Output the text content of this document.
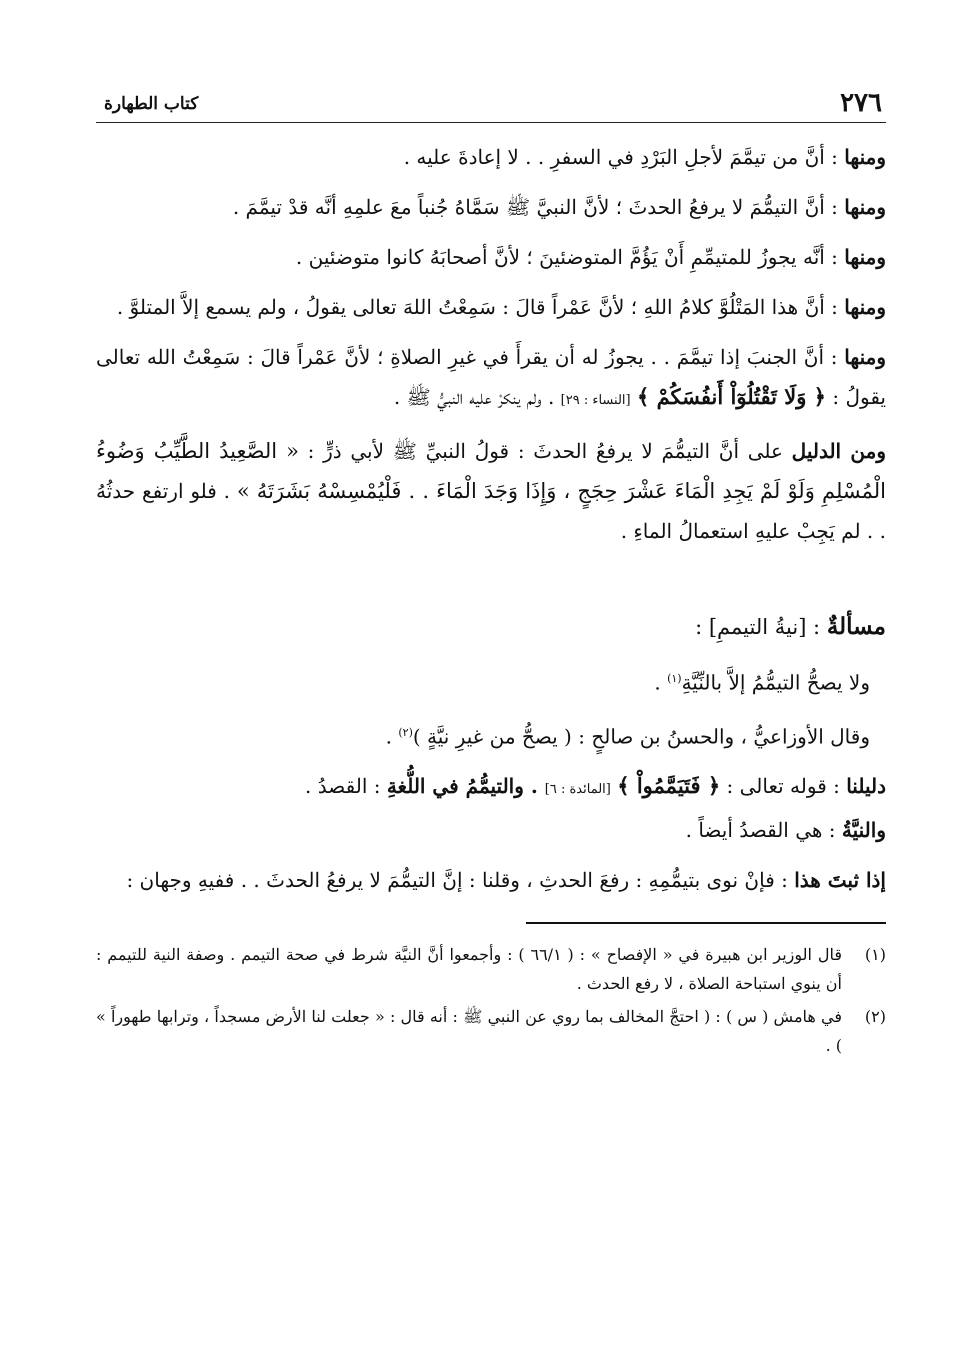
٢٧٦
كتاب الطهارة

ومنها : أنَّ من تيمَّمَ لأجلِ البَرْدِ في السفرِ . . لا إعادةَ عليه .

ومنها : أنَّ التيمُّمَ لا يرفعُ الحدثَ ؛ لأنَّ النبيَّ ﷺ سَمَّاهُ جُنباً معَ علمِهِ أنَّه قدْ تيمَّمَ .

ومنها : أنَّه يجوزُ للمتيمِّمِ أَنْ يَؤُمَّ المتوضئينَ ؛ لأنَّ أصحابَهُ كانوا متوضئين .

ومنها : أنَّ هذا المَتْلُوَّ كلامُ اللهِ ؛ لأنَّ عَمْراً قالَ : سَمِعْتُ اللهَ تعالى يقولُ ، ولم يسمع إلاَّ المتلوَّ .

ومنها : أنَّ الجنبَ إذا تيمَّمَ . . يجوزُ له أن يقرأَ في غيرِ الصلاةِ ؛ لأنَّ عَمْراً قالَ : سَمِعْتُ الله تعالى يقولُ : ﴿ وَلَا تَقْتُلُوٓاْ أَنفُسَكُمْ ﴾ [النساء : ٢٩] . ولم ينكرْ عليه النبيُّ ﷺ .

ومن الدليل على أنَّ التيمُّمَ لا يرفعُ الحدثَ : قولُ النبيِّ ﷺ لأبي ذرٍّ : « الصَّعِيدُ الطَّيِّبُ وَضُوءُ الْمُسْلِمِ وَلَوْ لَمْ يَجِدِ الْمَاءَ عَشْرَ حِجَجٍ ، وَإِذَا وَجَدَ الْمَاءَ . . فَلْيُمْسِسْهُ بَشَرَتَهُ » . فلو ارتفع حدثُهُ . . لم يَجِبْ عليهِ استعمالُ الماءِ .

مسألةٌ : [نيةُ التيممِ] :

ولا يصحُّ التيمُّمُ إلاَّ بالنِّيَّةِ$^{(١)}$ .

وقال الأوزاعيُّ ، والحسنُ بن صالحٍ : ( يصحُّ من غيرِ نيَّةٍ )$^{(٢)}$ .

دليلنا : قوله تعالى : ﴿ فَتَيَمَّمُواْ ﴾ [المائدة : ٦] . والتيمُّمُ في اللُّغةِ : القصدُ .
والنيَّةُ : هي القصدُ أيضاً .

إذا ثبتَ هذا : فإنْ نوى بتيمُّمِهِ : رفعَ الحدثِ ، وقلنا : إنَّ التيمُّمَ لا يرفعُ الحدثَ . . ففيهِ وجهان :

(١)
قال الوزير ابن هبيرة في « الإفصاح » : ( ٦٦/١ ) : وأجمعوا أنَّ النيَّة شرط في صحة التيمم . وصفة النية للتيمم : أن ينوي استباحة الصلاة ، لا رفع الحدث .
(٢)
في هامش ( س ) : ( احتجَّ المخالف بما روي عن النبي ﷺ : أنه قال : « جعلت لنا الأرض مسجداً ، وترابها طهوراً » ) .
